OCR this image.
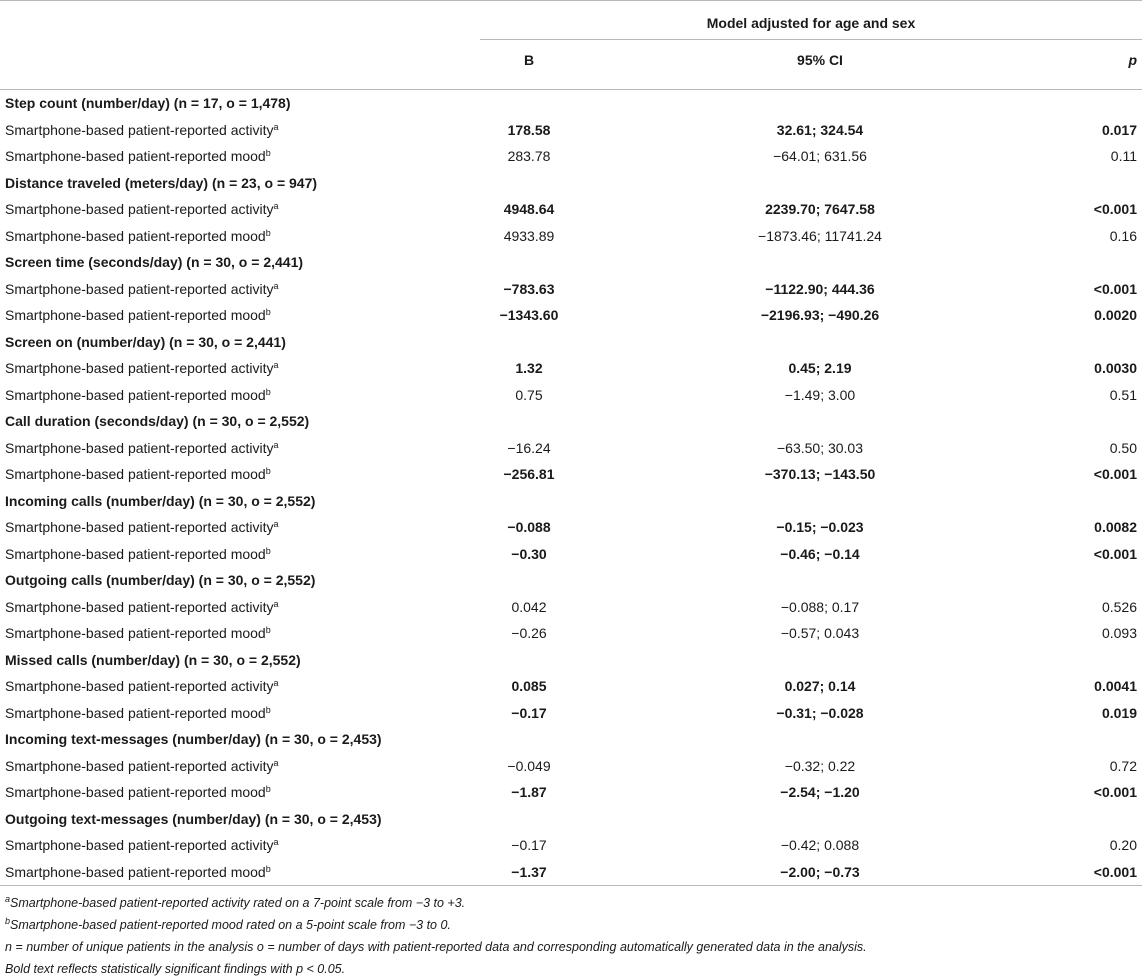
Model adjusted for age and sex
B	95% CI	p
Step count (number/day) (n = 17, o = 1,478)
Smartphone-based patient-reported activity$^a$	178.58	32.61; 324.54	0.017
Smartphone-based patient-reported mood$^b$	283.78	−64.01; 631.56	0.11
Distance traveled (meters/day) (n = 23, o = 947)
Smartphone-based patient-reported activity$^a$	4948.64	2239.70; 7647.58	<0.001
Smartphone-based patient-reported mood$^b$	4933.89	−1873.46; 11741.24	0.16
Screen time (seconds/day) (n = 30, o = 2,441)
Smartphone-based patient-reported activity$^a$	−783.63	−1122.90; 444.36	<0.001
Smartphone-based patient-reported mood$^b$	−1343.60	−2196.93; −490.26	0.0020
Screen on (number/day) (n = 30, o = 2,441)
Smartphone-based patient-reported activity$^a$	1.32	0.45; 2.19	0.0030
Smartphone-based patient-reported mood$^b$	0.75	−1.49; 3.00	0.51
Call duration (seconds/day) (n = 30, o = 2,552)
Smartphone-based patient-reported activity$^a$	−16.24	−63.50; 30.03	0.50
Smartphone-based patient-reported mood$^b$	−256.81	−370.13; −143.50	<0.001
Incoming calls (number/day) (n = 30, o = 2,552)
Smartphone-based patient-reported activity$^a$	−0.088	−0.15; −0.023	0.0082
Smartphone-based patient-reported mood$^b$	−0.30	−0.46; −0.14	<0.001
Outgoing calls (number/day) (n = 30, o = 2,552)
Smartphone-based patient-reported activity$^a$	0.042	−0.088; 0.17	0.526
Smartphone-based patient-reported mood$^b$	−0.26	−0.57; 0.043	0.093
Missed calls (number/day) (n = 30, o = 2,552)
Smartphone-based patient-reported activity$^a$	0.085	0.027; 0.14	0.0041
Smartphone-based patient-reported mood$^b$	−0.17	−0.31; −0.028	0.019
Incoming text-messages (number/day) (n = 30, o = 2,453)
Smartphone-based patient-reported activity$^a$	−0.049	−0.32; 0.22	0.72
Smartphone-based patient-reported mood$^b$	−1.87	−2.54; −1.20	<0.001
Outgoing text-messages (number/day) (n = 30, o = 2,453)
Smartphone-based patient-reported activity$^a$	−0.17	−0.42; 0.088	0.20
Smartphone-based patient-reported mood$^b$	−1.37	−2.00; −0.73	<0.001
$^a$Smartphone-based patient-reported activity rated on a 7-point scale from −3 to +3.
$^b$Smartphone-based patient-reported mood rated on a 5-point scale from −3 to 0.
n = number of unique patients in the analysis o = number of days with patient-reported data and corresponding automatically generated data in the analysis.
Bold text reflects statistically significant findings with p < 0.05.
